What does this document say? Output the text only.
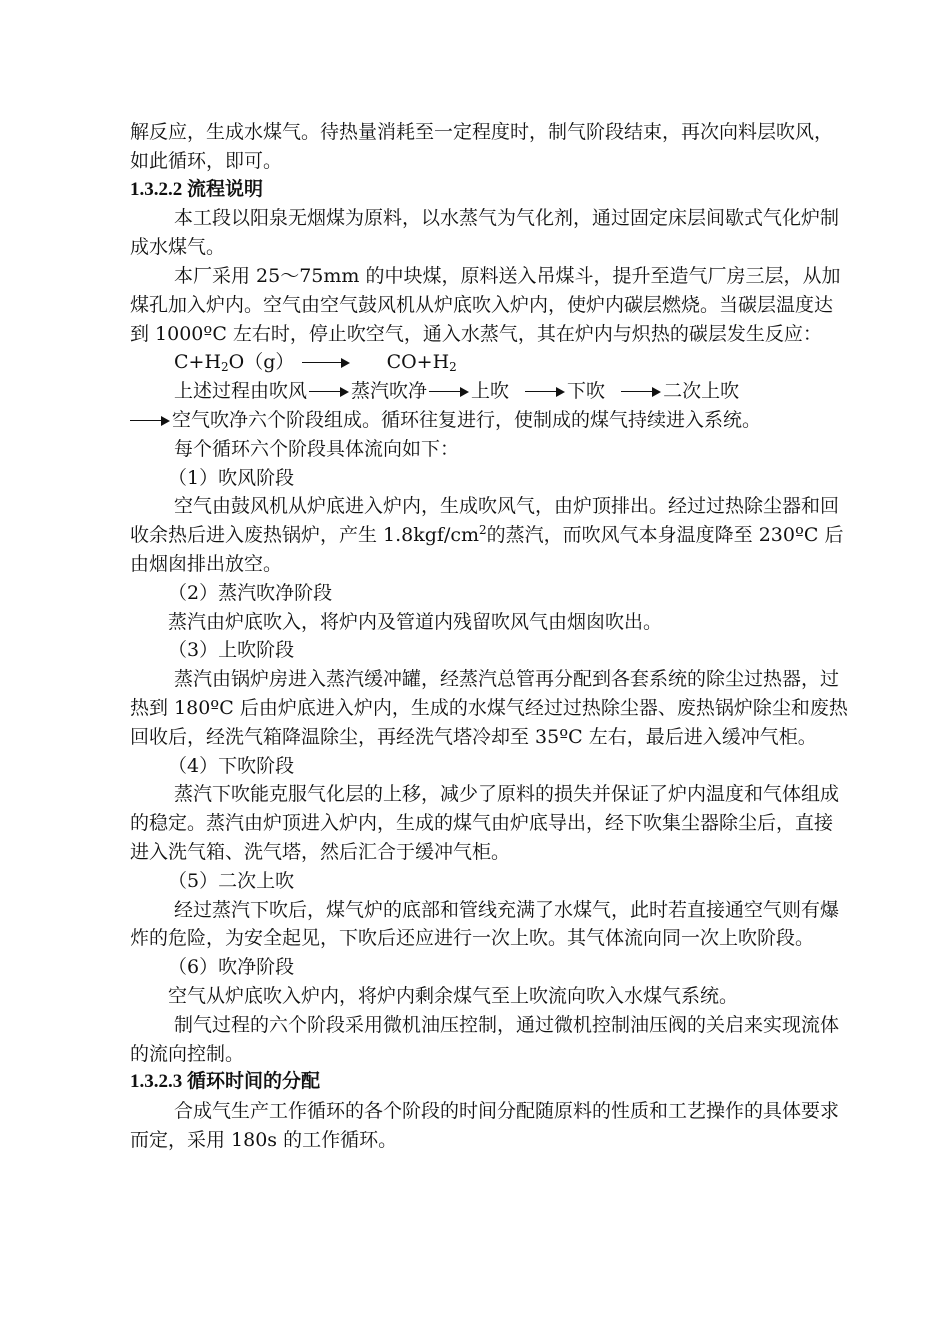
解反应，生成水煤气。待热量消耗至一定程度时，制气阶段结束，再次向料层吹风，如此循环，即可。

1.3.2.2 流程说明

本工段以阳泉无烟煤为原料，以水蒸气为气化剂，通过固定床层间歇式气化炉制成水煤气。

本厂采用 25～75mm 的中块煤，原料送入吊煤斗，提升至造气厂房三层，从加煤孔加入炉内。空气由空气鼓风机从炉底吹入炉内，使炉内碳层燃烧。当碳层温度达到 1000ºC 左右时，停止吹空气，通入水蒸气，其在炉内与炽热的碳层发生反应：

$C+H_2O(g)$	$CO+H_2$

上述过程由吹风 蒸汽吹净 上吹	下吹	二次上吹

空气吹净六个阶段组成。循环往复进行，使制成的煤气持续进入系统。

每个循环六个阶段具体流向如下：

（1）吹风阶段

空气由鼓风机从炉底进入炉内，生成吹风气，由炉顶排出。经过过热除尘器和回收余热后进入废热锅炉，产生 $1.8kgf/cm^2$的蒸汽，而吹风气本身温度降至 230ºC 后由烟囱排出放空。

（2）蒸汽吹净阶段

蒸汽由炉底吹入，将炉内及管道内残留吹风气由烟囱吹出。

（3）上吹阶段

蒸汽由锅炉房进入蒸汽缓冲罐，经蒸汽总管再分配到各套系统的除尘过热器，过热到 180ºC 后由炉底进入炉内，生成的水煤气经过过热除尘器、废热锅炉除尘和废热回收后，经洗气箱降温除尘，再经洗气塔冷却至 35ºC 左右，最后进入缓冲气柜。

（4）下吹阶段

蒸汽下吹能克服气化层的上移，减少了原料的损失并保证了炉内温度和气体组成的稳定。蒸汽由炉顶进入炉内，生成的煤气由炉底导出，经下吹集尘器除尘后，直接进入洗气箱、洗气塔，然后汇合于缓冲气柜。

（5）二次上吹

经过蒸汽下吹后，煤气炉的底部和管线充满了水煤气，此时若直接通空气则有爆炸的危险，为安全起见，下吹后还应进行一次上吹。其气体流向同一次上吹阶段。

（6）吹净阶段

空气从炉底吹入炉内，将炉内剩余煤气至上吹流向吹入水煤气系统。

制气过程的六个阶段采用微机油压控制，通过微机控制油压阀的关启来实现流体的流向控制。

1.3.2.3 循环时间的分配

合成气生产工作循环的各个阶段的时间分配随原料的性质和工艺操作的具体要求而定，采用 180s 的工作循环。
